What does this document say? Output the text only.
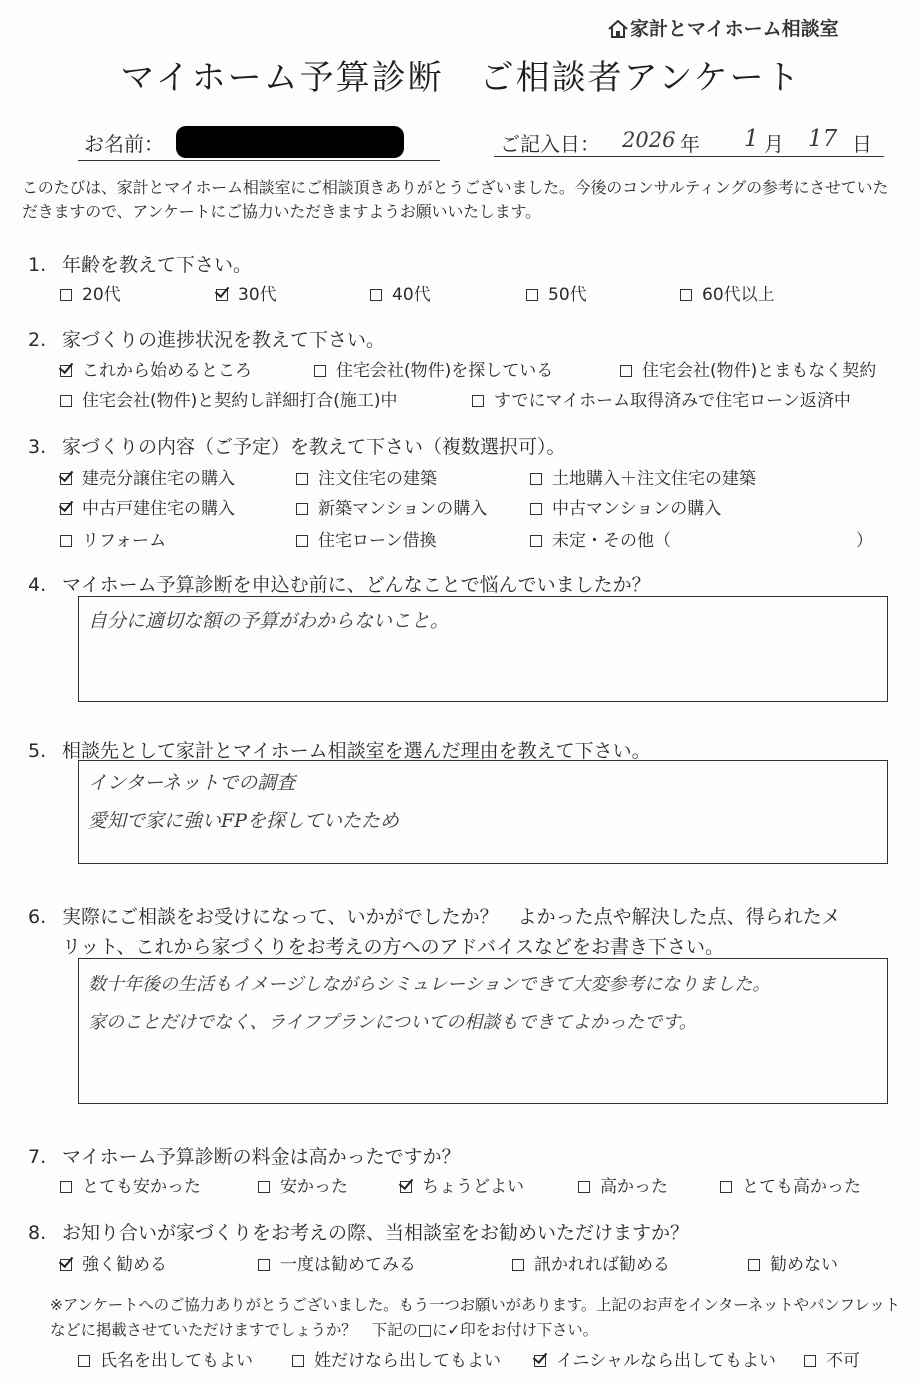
家計とマイホーム相談室
マイホーム予算診断　ご相談者アンケート
お名前：	ご記入日： 2026 年 1 月 17 日
このたびは、家計とマイホーム相談室にご相談頂きありがとうございました。今後のコンサルティングの参考にさせていただきますので、アンケートにご協力いただきますようお願いいたします。
1. 年齢を教えて下さい。
20代	30代	40代	50代	60代以上
2. 家づくりの進捗状況を教えて下さい。
これから始めるところ	住宅会社(物件)を探している	住宅会社(物件)とまもなく契約
住宅会社(物件)と契約し詳細打合(施工)中	すでにマイホーム取得済みで住宅ローン返済中
3. 家づくりの内容（ご予定）を教えて下さい（複数選択可）。
建売分譲住宅の購入	注文住宅の建築	土地購入＋注文住宅の建築
中古戸建住宅の購入	新築マンションの購入	中古マンションの購入
リフォーム	住宅ローン借換	未定・その他（	）
4. マイホーム予算診断を申込む前に、どんなことで悩んでいましたか？
自分に適切な額の予算がわからないこと。
5. 相談先として家計とマイホーム相談室を選んだ理由を教えて下さい。
インターネットでの調査
愛知で家に強いFPを探していたため
6. 実際にご相談をお受けになって、いかがでしたか？　よかった点や解決した点、得られたメ
リット、これから家づくりをお考えの方へのアドバイスなどをお書き下さい。
数十年後の生活もイメージしながらシミュレーションできて大変参考になりました。
家のことだけでなく、ライフプランについての相談もできてよかったです。
7. マイホーム予算診断の料金は高かったですか？
とても安かった	安かった	ちょうどよい	高かった	とても高かった
8. お知り合いが家づくりをお考えの際、当相談室をお勧めいただけますか？
強く勧める	一度は勧めてみる	訊かれれば勧める	勧めない
※アンケートへのご協力ありがとうございました。もう一つお願いがあります。上記のお声をインターネットやパンフレットなどに掲載させていただけますでしょうか？　下記の□に✓印をお付け下さい。
氏名を出してもよい	姓だけなら出してもよい	イニシャルなら出してもよい	不可
